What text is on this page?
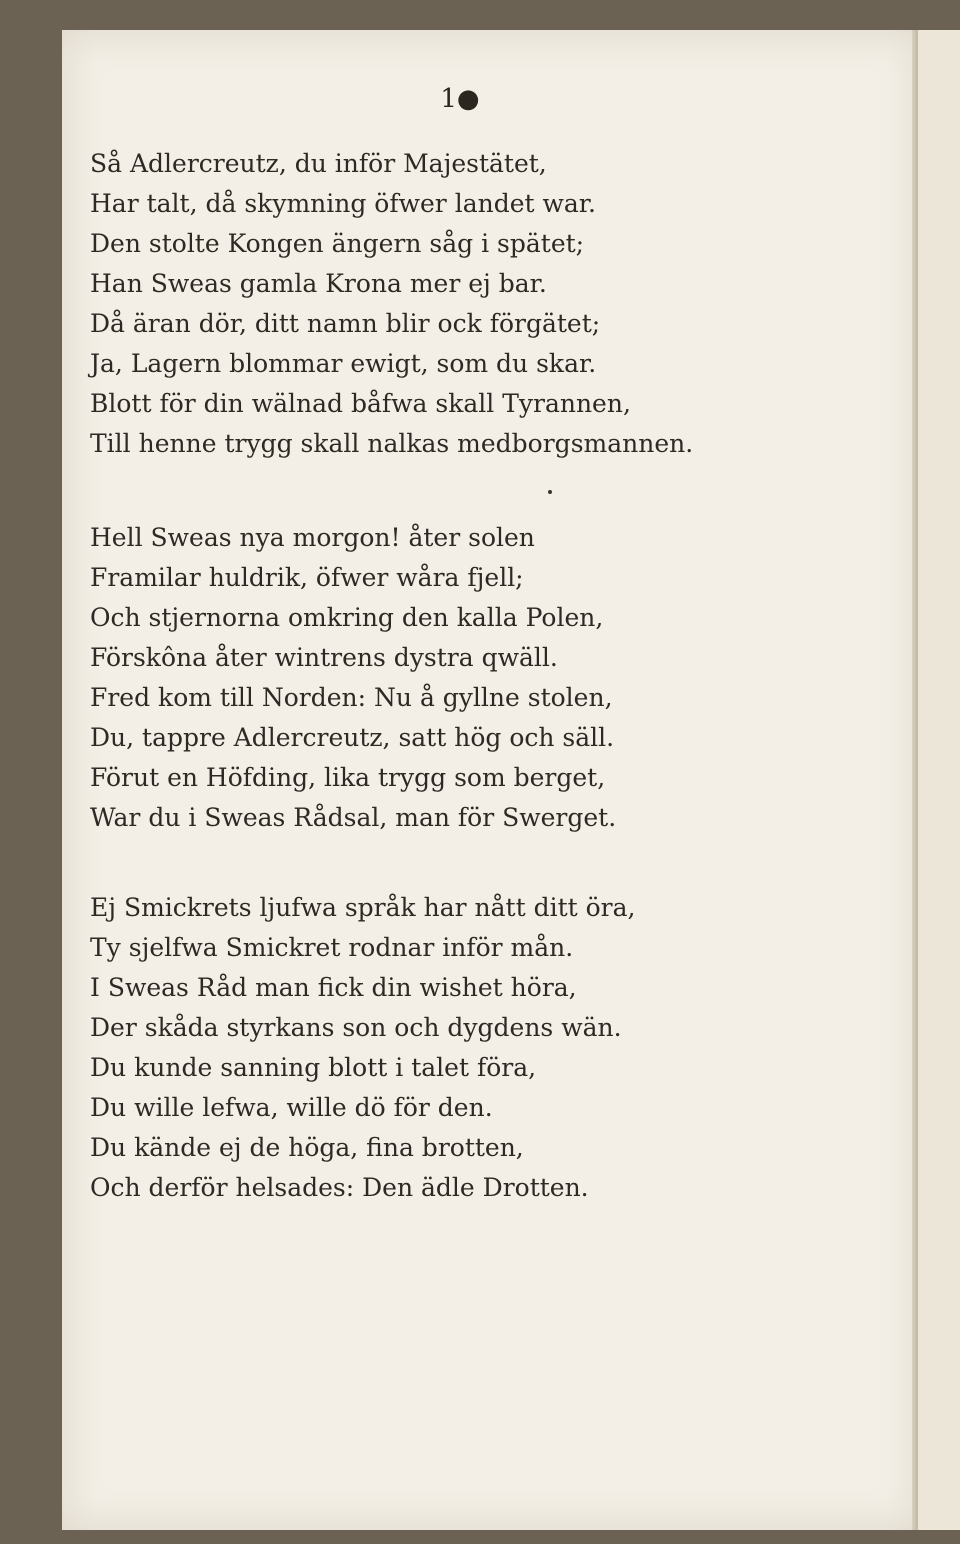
1●
Så Adlercreutz, du inför Majestätet,
Har talt, då skymning öfwer landet war.
Den stolte Kongen ängern såg i spätet;
Han Sweas gamla Krona mer ej bar.
Då äran dör, ditt namn blir ock förgätet;
Ja, Lagern blommar ewigt, som du skar.
Blott för din wälnad båfwa skall Tyrannen,
Till henne trygg skall nalkas medborgsmannen.
Hell Sweas nya morgon! åter solen
Framilar huldrik, öfwer wåra fjell;
Och stjernorna omkring den kalla Polen,
Förskôna åter wintrens dystra qwäll.
Fred kom till Norden: Nu å gyllne stolen,
Du, tappre Adlercreutz, satt hög och säll.
Förut en Höfding, lika trygg som berget,
War du i Sweas Rådsal, man för Swerget.
Ej Smickrets ljufwa språk har nått ditt öra,
Ty sjelfwa Smickret rodnar inför mån.
I Sweas Råd man fick din wishet höra,
Der skåda styrkans son och dygdens wän.
Du kunde sanning blott i talet föra,
Du wille lefwa, wille dö för den.
Du kände ej de höga, fina brotten,
Och derför helsades: Den ädle Drotten.
